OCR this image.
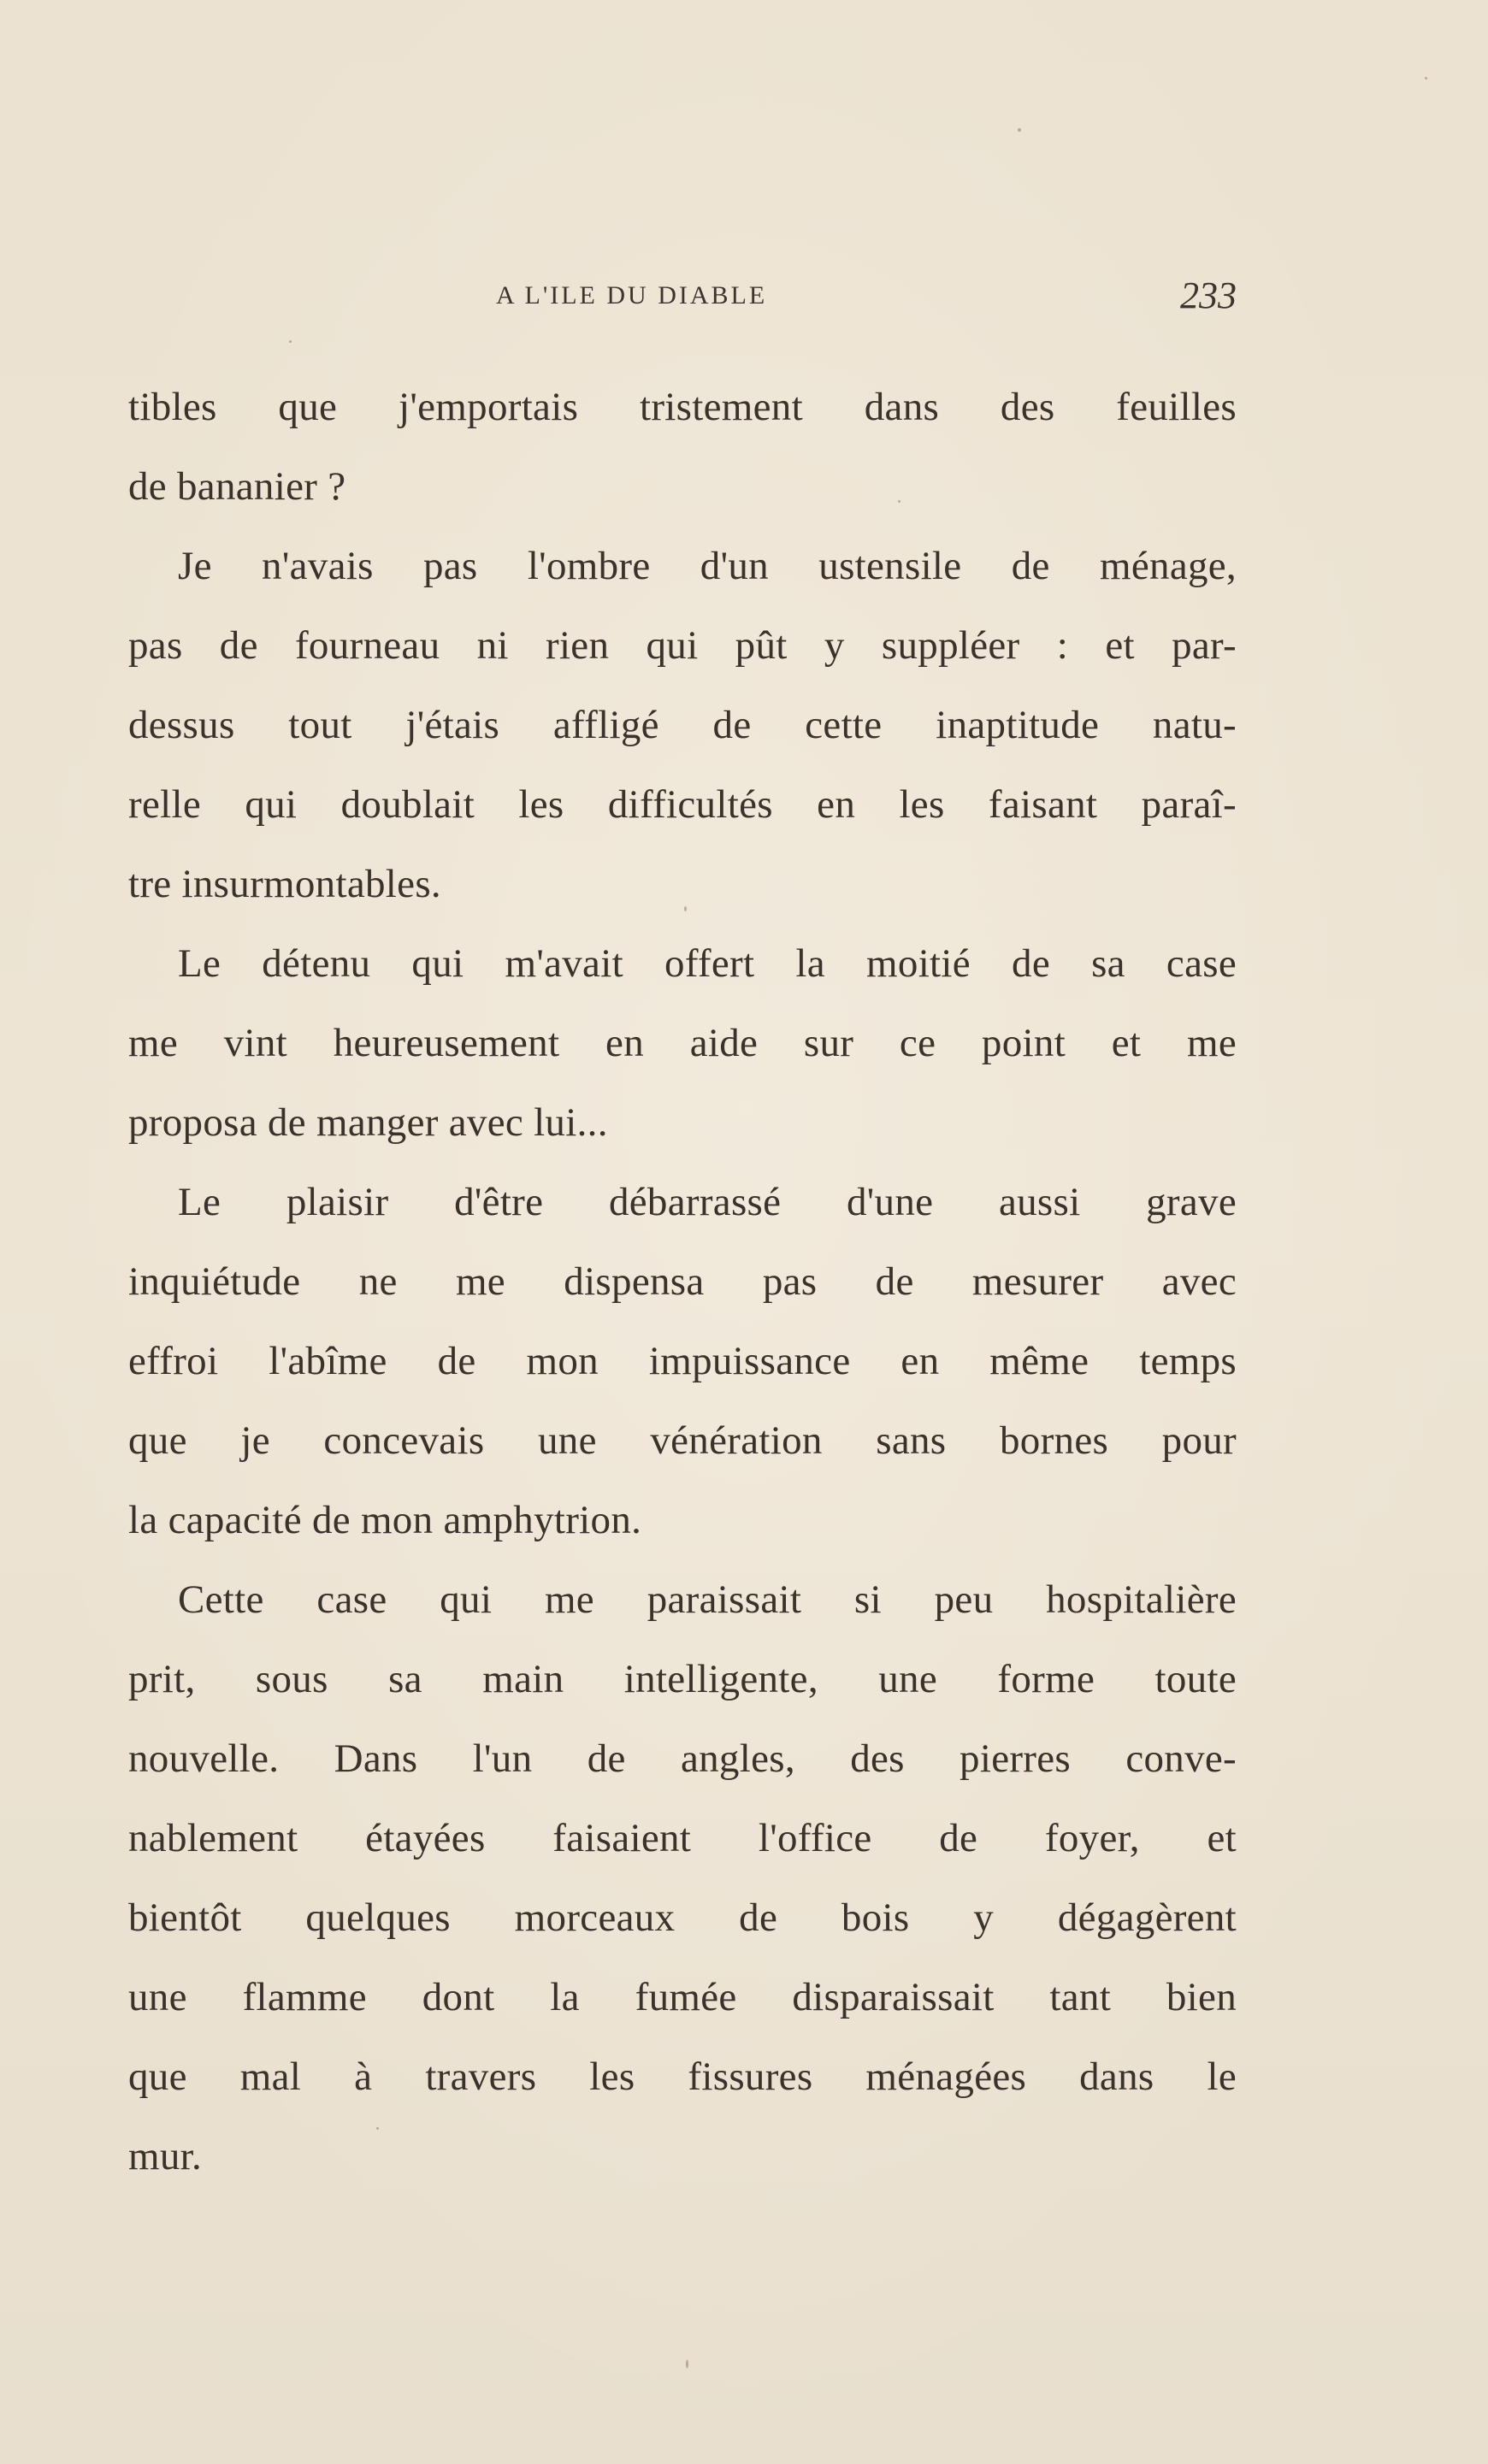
A L'ILE DU DIABLE	233
tibles que j'emportais tristement dans des feuilles
de bananier ?
Je n'avais pas l'ombre d'un ustensile de ménage,
pas de fourneau ni rien qui pût y suppléer : et par-
dessus tout j'étais affligé de cette inaptitude natu-
relle qui doublait les difficultés en les faisant paraî-
tre insurmontables.
Le détenu qui m'avait offert la moitié de sa case
me vint heureusement en aide sur ce point et me
proposa de manger avec lui...
Le plaisir d'être débarrassé d'une aussi grave
inquiétude ne me dispensa pas de mesurer avec
effroi l'abîme de mon impuissance en même temps
que je concevais une vénération sans bornes pour
la capacité de mon amphytrion.
Cette case qui me paraissait si peu hospitalière
prit, sous sa main intelligente, une forme toute
nouvelle. Dans l'un de angles, des pierres conve-
nablement étayées faisaient l'office de foyer, et
bientôt quelques morceaux de bois y dégagèrent
une flamme dont la fumée disparaissait tant bien
que mal à travers les fissures ménagées dans le
mur.
